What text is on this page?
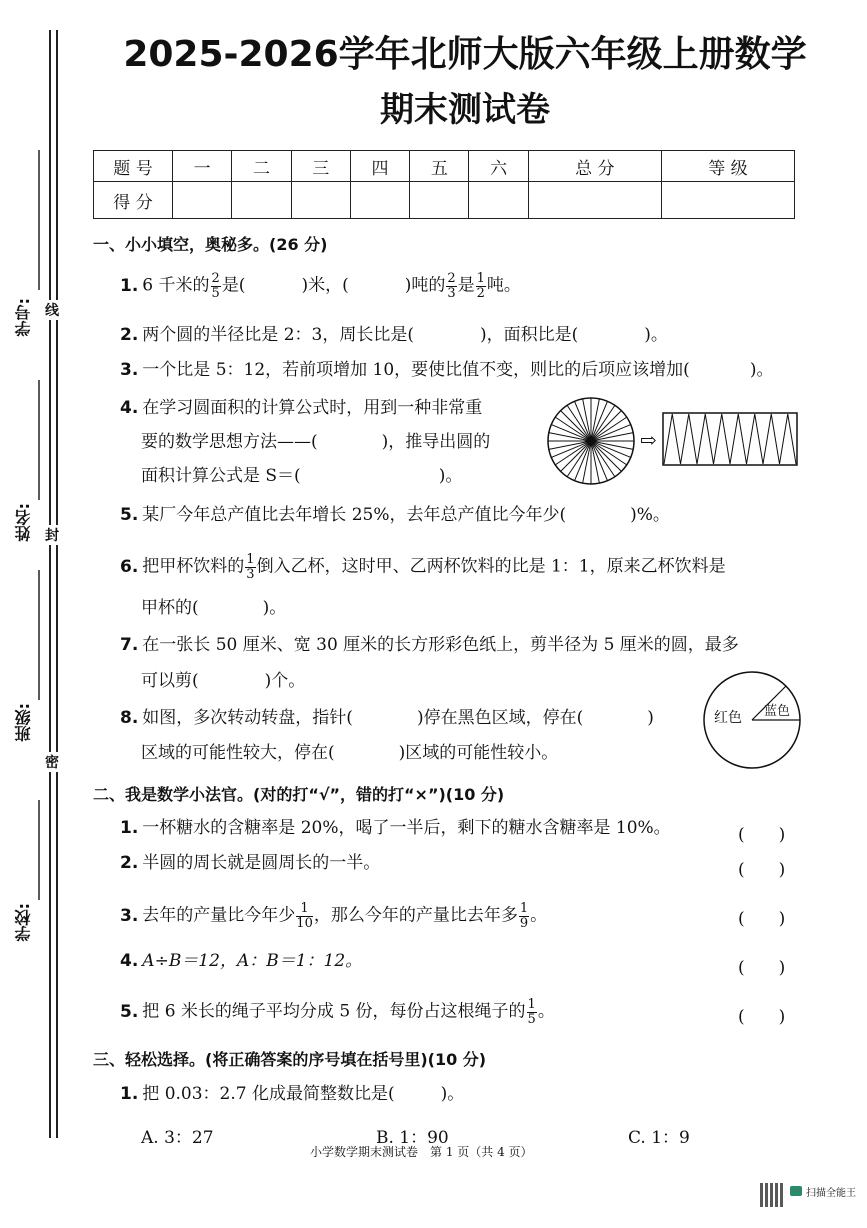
学号:
姓名:
班级:
学校:
线
封
密
2025-2026学年北师大版六年级上册数学
期末测试卷
题 号	一	二	三	四	五	六	总 分	等 级
得 分								
一、小小填空，奥秘多。(26 分)
1. 6 千米的 $\frac{2}{5}$ 是(	)米，(	)吨的 $\frac{2}{3}$ 是 $\frac{1}{2}$ 吨。
2. 两个圆的半径比是 2：3，周长比是(	)，面积比是(	)。
3. 一个比是 5：12，若前项增加 10，要使比值不变，则比的后项应该增加(	)。
4. 在学习圆面积的计算公式时，用到一种非常重
要的数学思想方法——(	)，推导出圆的
面积计算公式是 S＝(	)。
⇨
5. 某厂今年总产值比去年增长 25%，去年总产值比今年少(	)%。
6. 把甲杯饮料的 $\frac{1}{3}$ 倒入乙杯，这时甲、乙两杯饮料的比是 1：1，原来乙杯饮料是
甲杯的(	)。
7. 在一张长 50 厘米、宽 30 厘米的长方形彩色纸上，剪半径为 5 厘米的圆，最多
可以剪(	)个。
8. 如图，多次转动转盘，指针(	)停在黑色区域，停在(	)
区域的可能性较大，停在(	)区域的可能性较小。
红色 蓝色
二、我是数学小法官。(对的打“√”，错的打“×”)(10 分)
1. 一杯糖水的含糖率是 20%，喝了一半后，剩下的糖水含糖率是 10%。	(　　)
2. 半圆的周长就是圆周长的一半。	(　　)
3. 去年的产量比今年少 $\frac{1}{10}$ ，那么今年的产量比去年多 $\frac{1}{9}$ 。	(　　)
4. A÷B＝12，A：B＝1：12。	(　　)
5. 把 6 米长的绳子平均分成 5 份，每份占这根绳子的 $\frac{1}{5}$ 。	(　　)
三、轻松选择。(将正确答案的序号填在括号里)(10 分)
1. 把 0.03：2.7 化成最简整数比是(	)。
A. 3：27	B. 1：90	C. 1：9
小学数学期末测试卷　第 1 页（共 4 页）
扫描全能王
